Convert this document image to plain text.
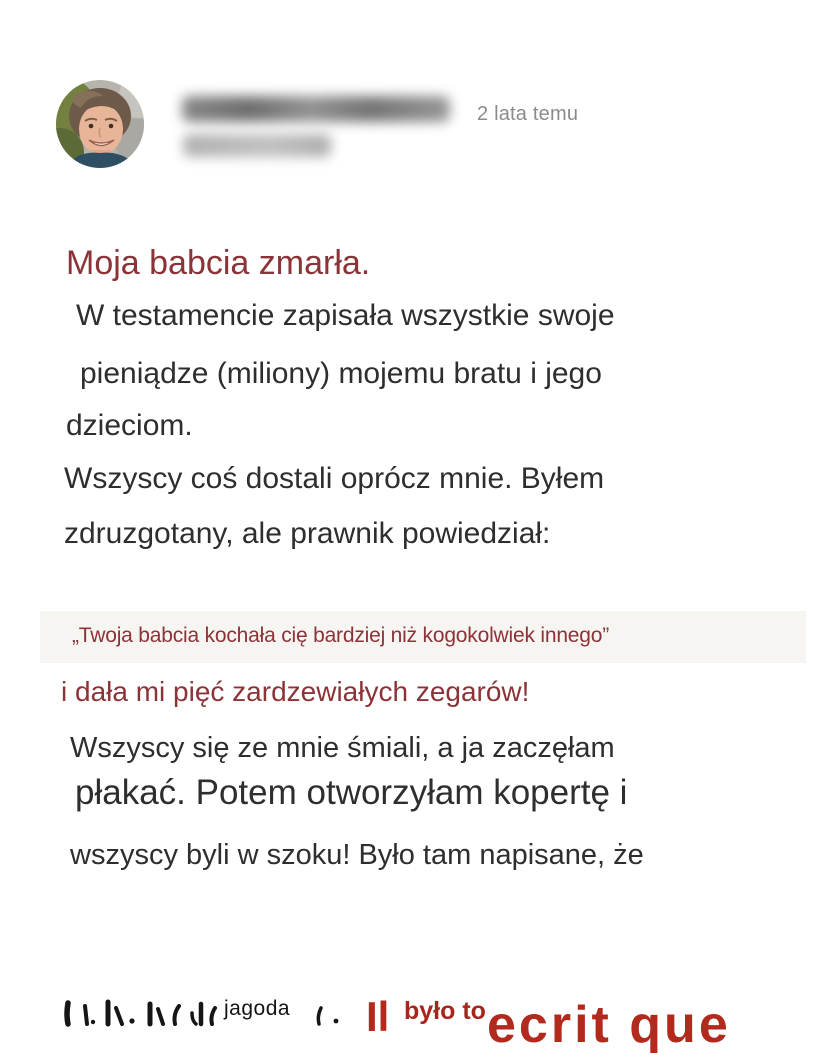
2 lata temu
Moja babcia zmarła.
W testamencie zapisała wszystkie swoje
pieniądze (miliony) mojemu bratu i jego
dzieciom.
Wszyscy coś dostali oprócz mnie. Byłem
zdruzgotany, ale prawnik powiedział:
„Twoja babcia kochała cię bardziej niż kogokolwiek innego”
i dała mi pięć zardzewiałych zegarów!
Wszyscy się ze mnie śmiali, a ja zaczęłam
płakać. Potem otworzyłam kopertę i
wszyscy byli w szoku! Było tam napisane, że
jagoda	ecrit que
Il było to
